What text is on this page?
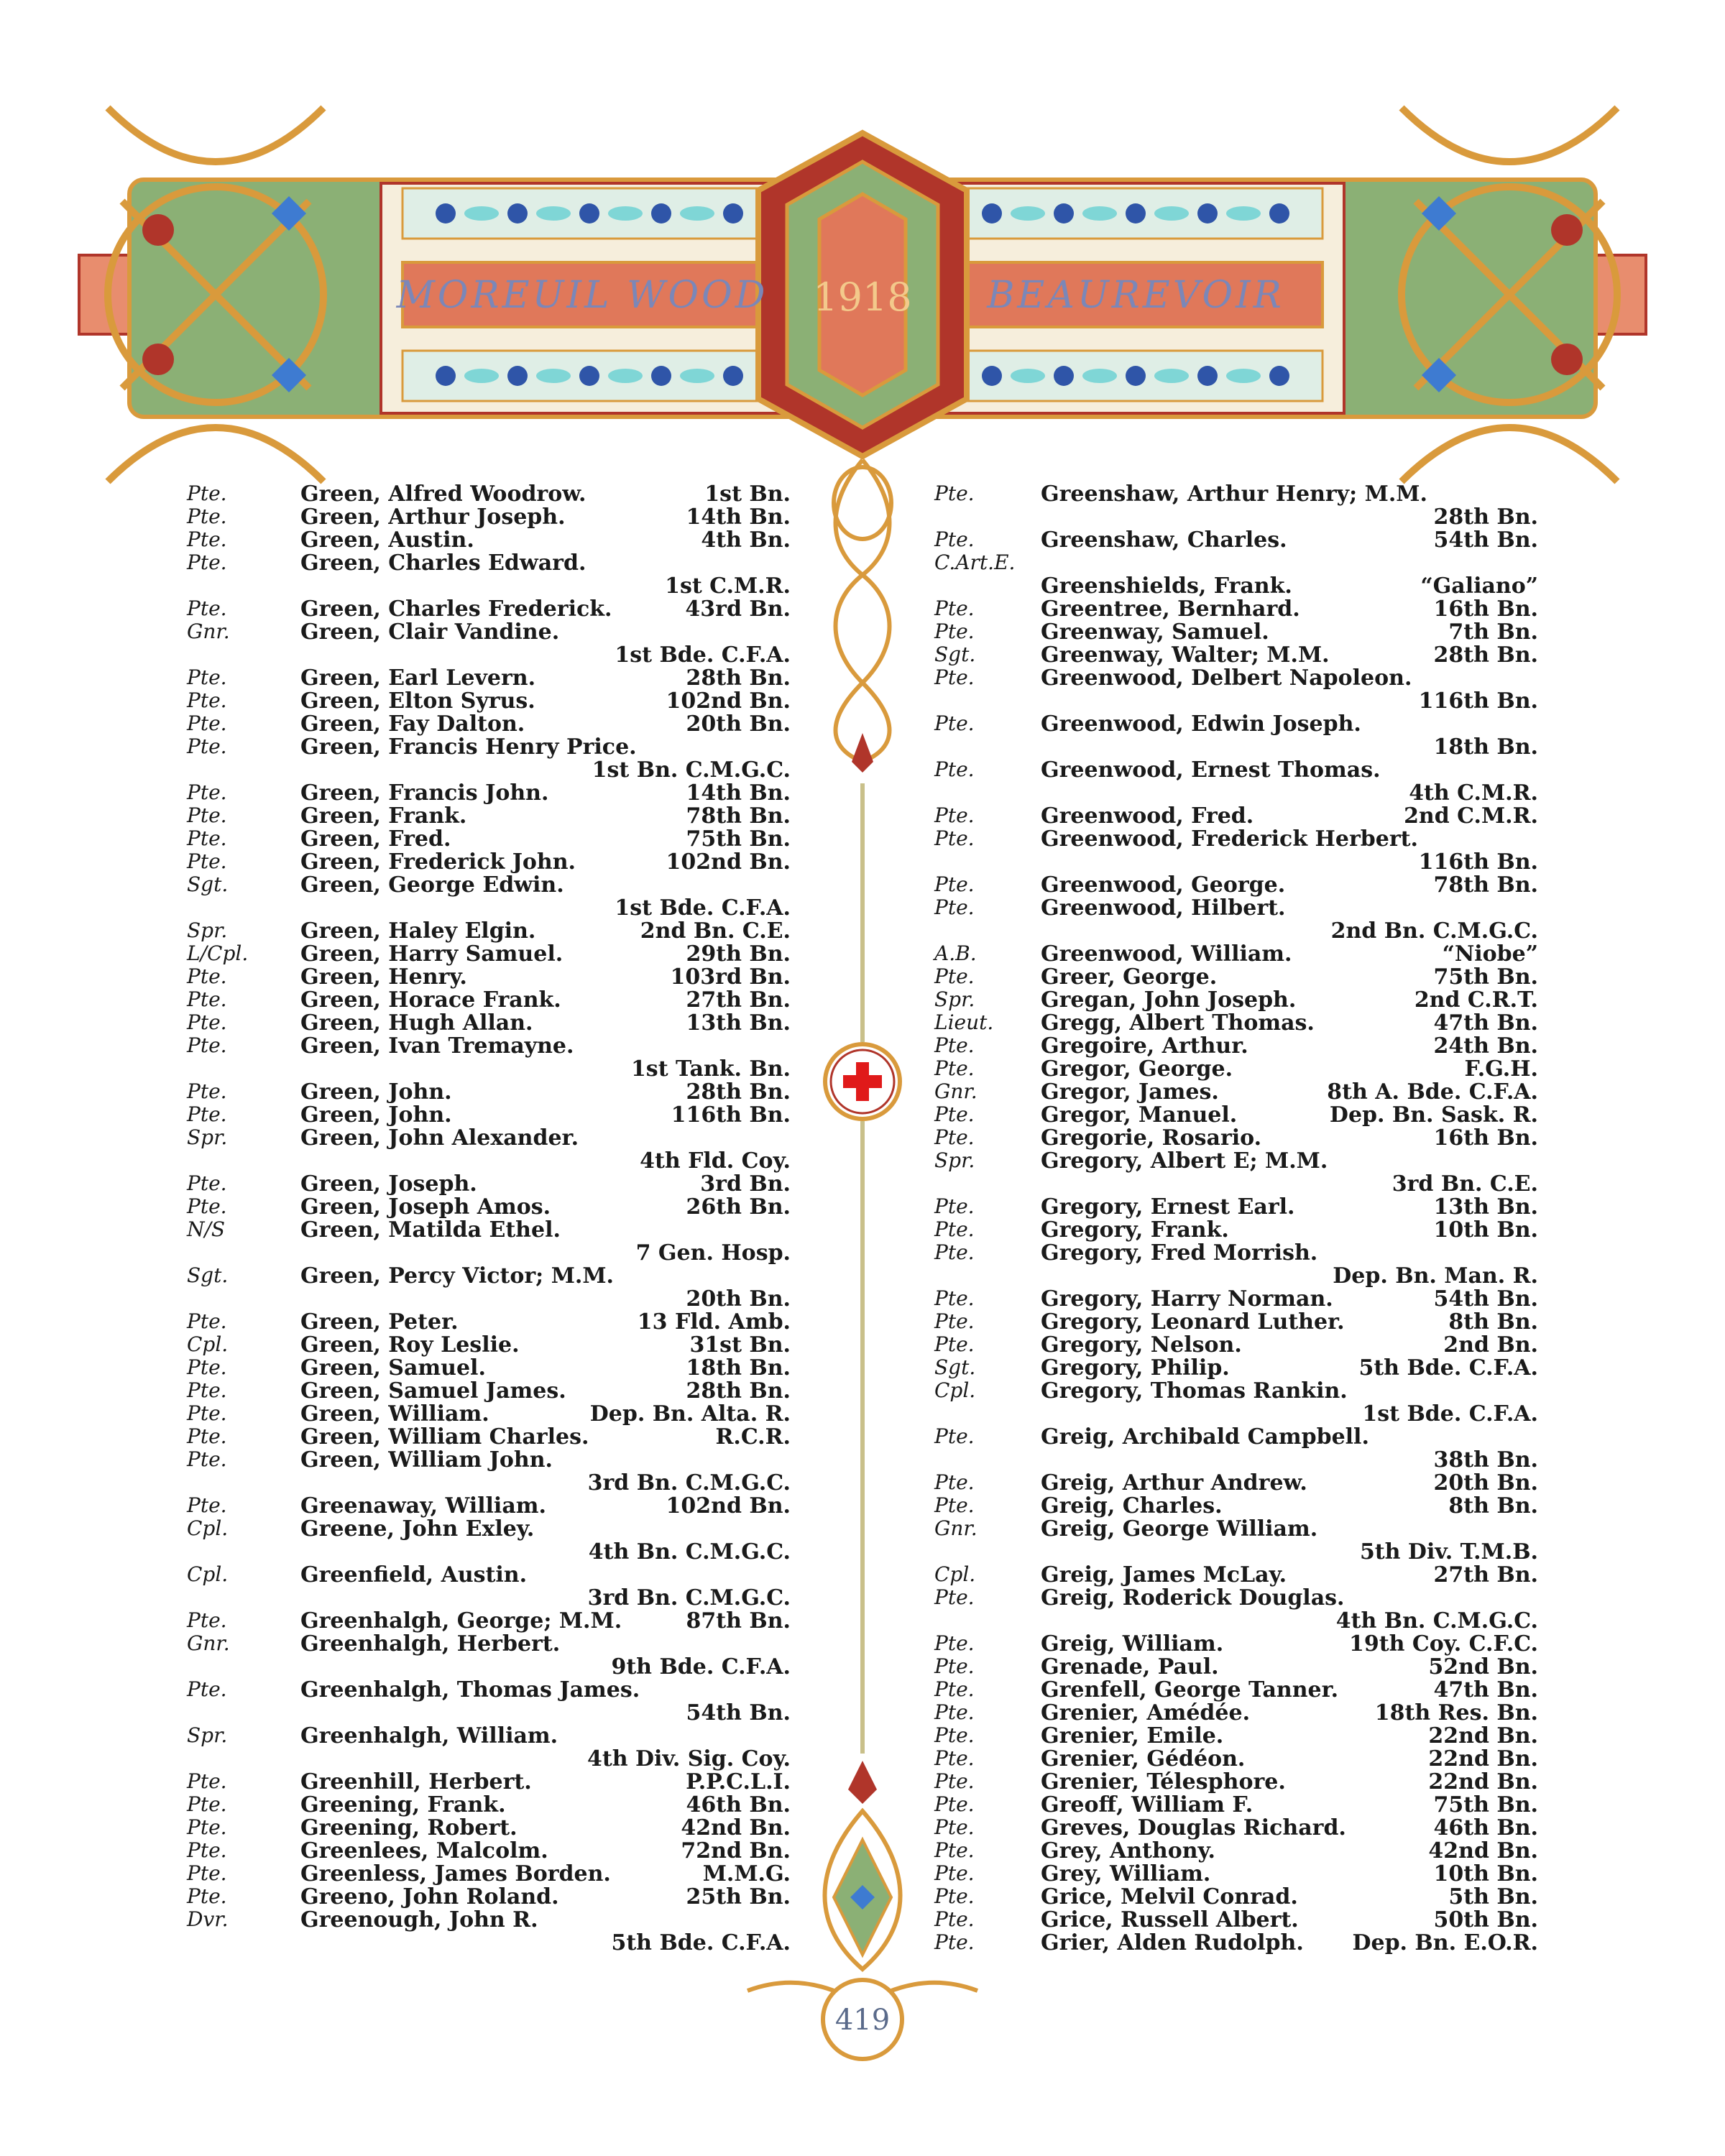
MOREUIL WOOD 1918 BEAUREVOIR
419
Pte.	Green, Alfred Woodrow.	1st Bn.
Pte.	Green, Arthur Joseph.	14th Bn.
Pte.	Green, Austin.	4th Bn.
Pte.	Green, Charles Edward.
1st C.M.R.
Pte.	Green, Charles Frederick.	43rd Bn.
Gnr.	Green, Clair Vandine.
1st Bde. C.F.A.
Pte.	Green, Earl Levern.	28th Bn.
Pte.	Green, Elton Syrus.	102nd Bn.
Pte.	Green, Fay Dalton.	20th Bn.
Pte.	Green, Francis Henry Price.
1st Bn. C.M.G.C.
Pte.	Green, Francis John.	14th Bn.
Pte.	Green, Frank.	78th Bn.
Pte.	Green, Fred.	75th Bn.
Pte.	Green, Frederick John.	102nd Bn.
Sgt.	Green, George Edwin.
1st Bde. C.F.A.
Spr.	Green, Haley Elgin.	2nd Bn. C.E.
L/Cpl. Green, Harry Samuel.	29th Bn.
Pte.	Green, Henry.	103rd Bn.
Pte.	Green, Horace Frank.	27th Bn.
Pte.	Green, Hugh Allan.	13th Bn.
Pte.	Green, Ivan Tremayne.
1st Tank. Bn.
Pte.	Green, John.	28th Bn.
Pte.	Green, John.	116th Bn.
Spr.	Green, John Alexander.
4th Fld. Coy.
Pte.	Green, Joseph.	3rd Bn.
Pte.	Green, Joseph Amos.	26th Bn.
N/S	Green, Matilda Ethel.
7 Gen. Hosp.
Sgt.	Green, Percy Victor; M.M.
20th Bn.
Pte.	Green, Peter.	13 Fld. Amb.
Cpl.	Green, Roy Leslie.	31st Bn.
Pte.	Green, Samuel.	18th Bn.
Pte.	Green, Samuel James.	28th Bn.
Pte.	Green, William.	Dep. Bn. Alta. R.
Pte.	Green, William Charles.	R.C.R.
Pte.	Green, William John.
3rd Bn. C.M.G.C.
Pte.	Greenaway, William.	102nd Bn.
Cpl.	Greene, John Exley.
4th Bn. C.M.G.C.
Cpl.	Greenfield, Austin.
3rd Bn. C.M.G.C.
Pte.	Greenhalgh, George; M.M.	87th Bn.
Gnr.	Greenhalgh, Herbert.
9th Bde. C.F.A.
Pte.	Greenhalgh, Thomas James.
54th Bn.
Spr.	Greenhalgh, William.
4th Div. Sig. Coy.
Pte.	Greenhill, Herbert.	P.P.C.L.I.
Pte.	Greening, Frank.	46th Bn.
Pte.	Greening, Robert.	42nd Bn.
Pte.	Greenlees, Malcolm.	72nd Bn.
Pte.	Greenless, James Borden.	M.M.G.
Pte.	Greeno, John Roland.	25th Bn.
Dvr.	Greenough, John R.
5th Bde. C.F.A.
Pte.	Greenshaw, Arthur Henry; M.M.
28th Bn.
Pte.	Greenshaw, Charles.	54th Bn.
C.Art.E.
Greenshields, Frank.	“Galiano”
Pte.	Greentree, Bernhard.	16th Bn.
Pte.	Greenway, Samuel.	7th Bn.
Sgt.	Greenway, Walter; M.M.	28th Bn.
Pte.	Greenwood, Delbert Napoleon.
116th Bn.
Pte.	Greenwood, Edwin Joseph.
18th Bn.
Pte.	Greenwood, Ernest Thomas.
4th C.M.R.
Pte.	Greenwood, Fred.	2nd C.M.R.
Pte.	Greenwood, Frederick Herbert.
116th Bn.
Pte.	Greenwood, George.	78th Bn.
Pte.	Greenwood, Hilbert.
2nd Bn. C.M.G.C.
A.B.	Greenwood, William.	“Niobe”
Pte.	Greer, George.	75th Bn.
Spr.	Gregan, John Joseph.	2nd C.R.T.
Lieut. Gregg, Albert Thomas.	47th Bn.
Pte.	Gregoire, Arthur.	24th Bn.
Pte.	Gregor, George.	F.G.H.
Gnr.	Gregor, James.	8th A. Bde. C.F.A.
Pte.	Gregor, Manuel.	Dep. Bn. Sask. R.
Pte.	Gregorie, Rosario.	16th Bn.
Spr.	Gregory, Albert E; M.M.
3rd Bn. C.E.
Pte.	Gregory, Ernest Earl.	13th Bn.
Pte.	Gregory, Frank.	10th Bn.
Pte.	Gregory, Fred Morrish.
Dep. Bn. Man. R.
Pte.	Gregory, Harry Norman.	54th Bn.
Pte.	Gregory, Leonard Luther.	8th Bn.
Pte.	Gregory, Nelson.	2nd Bn.
Sgt.	Gregory, Philip.	5th Bde. C.F.A.
Cpl.	Gregory, Thomas Rankin.
1st Bde. C.F.A.
Pte.	Greig, Archibald Campbell.
38th Bn.
Pte.	Greig, Arthur Andrew.	20th Bn.
Pte.	Greig, Charles.	8th Bn.
Gnr.	Greig, George William.
5th Div. T.M.B.
Cpl.	Greig, James McLay.	27th Bn.
Pte.	Greig, Roderick Douglas.
4th Bn. C.M.G.C.
Pte.	Greig, William.	19th Coy. C.F.C.
Pte.	Grenade, Paul.	52nd Bn.
Pte.	Grenfell, George Tanner.	47th Bn.
Pte.	Grenier, Amédée.	18th Res. Bn.
Pte.	Grenier, Emile.	22nd Bn.
Pte.	Grenier, Gédéon.	22nd Bn.
Pte.	Grenier, Télesphore.	22nd Bn.
Pte.	Greoff, William F.	75th Bn.
Pte.	Greves, Douglas Richard.	46th Bn.
Pte.	Grey, Anthony.	42nd Bn.
Pte.	Grey, William.	10th Bn.
Pte.	Grice, Melvil Conrad.	5th Bn.
Pte.	Grice, Russell Albert.	50th Bn.
Pte.	Grier, Alden Rudolph. Dep. Bn. E.O.R.
